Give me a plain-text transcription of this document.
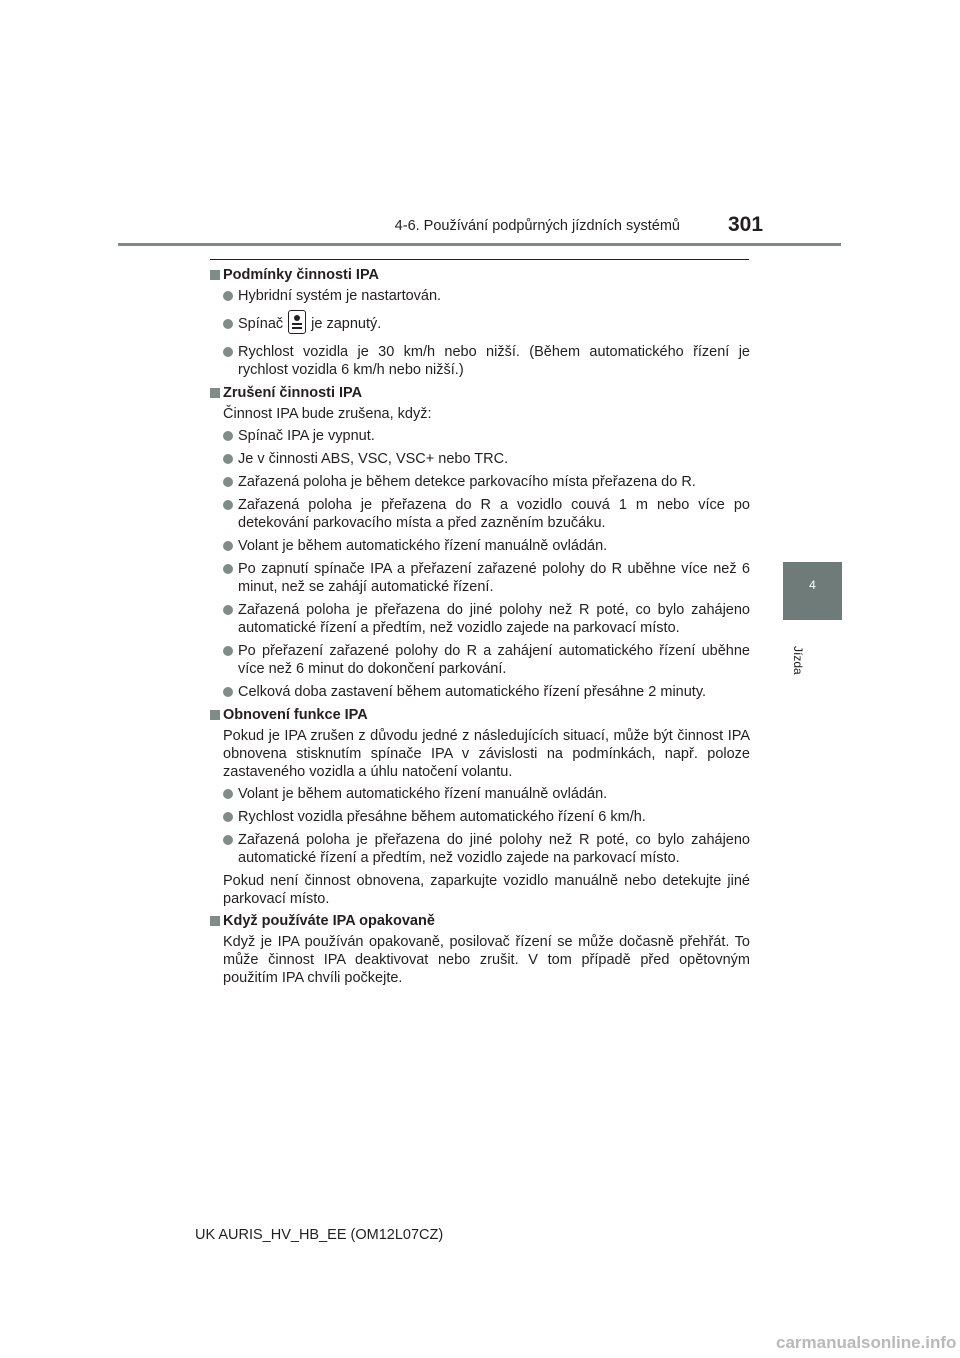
4-6. Používání podpůrných jízdních systémů 301
4
Jízda
Podmínky činnosti IPA
Hybridní systém je nastartován.
Spínač je zapnutý.
Rychlost vozidla je 30 km/h nebo nižší. (Během automatického řízení je rychlost vozidla 6 km/h nebo nižší.)
Zrušení činnosti IPA
Činnost IPA bude zrušena, když:
Spínač IPA je vypnut.
Je v činnosti ABS, VSC, VSC+ nebo TRC.
Zařazená poloha je během detekce parkovacího místa přeřazena do R.
Zařazená poloha je přeřazena do R a vozidlo couvá 1 m nebo více po detekování parkovacího místa a před zazněním bzučáku.
Volant je během automatického řízení manuálně ovládán.
Po zapnutí spínače IPA a přeřazení zařazené polohy do R uběhne více než 6 minut, než se zahájí automatické řízení.
Zařazená poloha je přeřazena do jiné polohy než R poté, co bylo zahájeno automatické řízení a předtím, než vozidlo zajede na parkovací místo.
Po přeřazení zařazené polohy do R a zahájení automatického řízení uběhne více než 6 minut do dokončení parkování.
Celková doba zastavení během automatického řízení přesáhne 2 minuty.
Obnovení funkce IPA
Pokud je IPA zrušen z důvodu jedné z následujících situací, může být činnost IPA obnovena stisknutím spínače IPA v závislosti na podmínkách, např. poloze zastaveného vozidla a úhlu natočení volantu.
Volant je během automatického řízení manuálně ovládán.
Rychlost vozidla přesáhne během automatického řízení 6 km/h.
Zařazená poloha je přeřazena do jiné polohy než R poté, co bylo zahájeno automatické řízení a předtím, než vozidlo zajede na parkovací místo.
Pokud není činnost obnovena, zaparkujte vozidlo manuálně nebo detekujte jiné parkovací místo.
Když používáte IPA opakovaně
Když je IPA používán opakovaně, posilovač řízení se může dočasně přehřát. To může činnost IPA deaktivovat nebo zrušit. V tom případě před opětovným použitím IPA chvíli počkejte.
UK AURIS_HV_HB_EE (OM12L07CZ)
carmanualsonline.info
